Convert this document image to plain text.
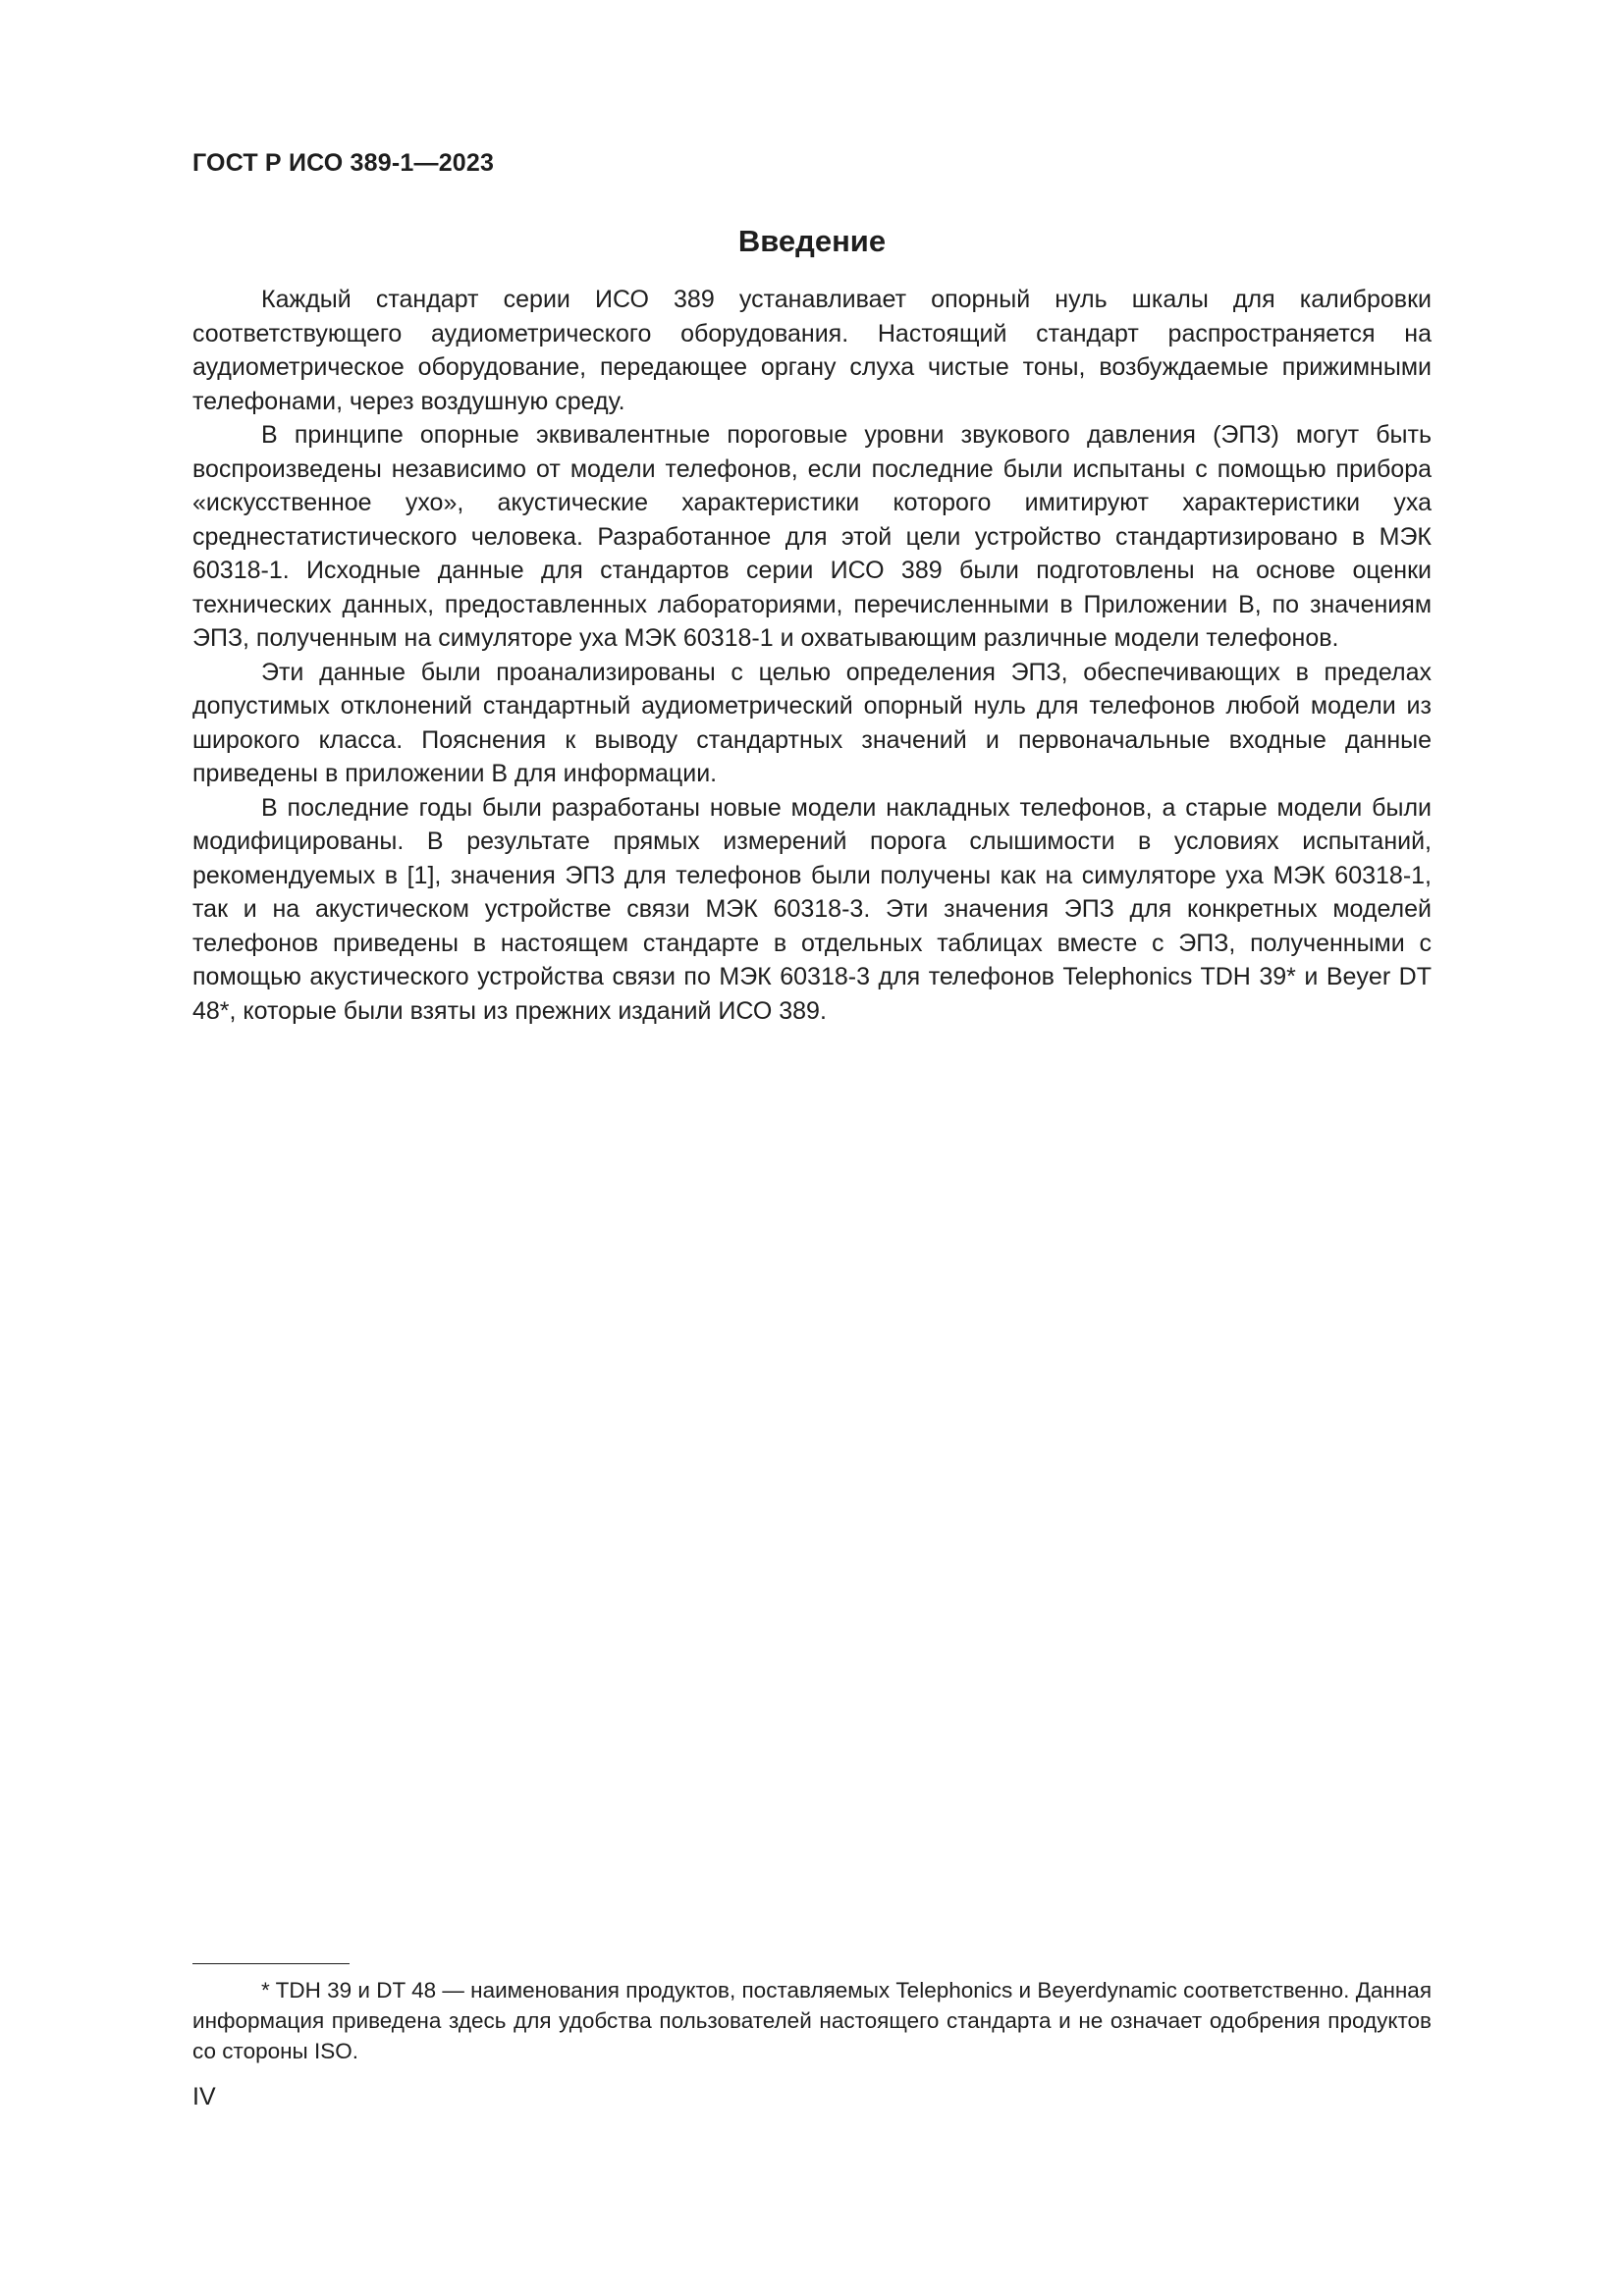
ГОСТ Р ИСО 389-1—2023
Введение

Каждый стандарт серии ИСО 389 устанавливает опорный нуль шкалы для калибровки соответствующего аудиометрического оборудования. Настоящий стандарт распространяется на аудиометрическое оборудование, передающее органу слуха чистые тоны, возбуждаемые прижимными телефонами, через воздушную среду.

В принципе опорные эквивалентные пороговые уровни звукового давления (ЭПЗ) могут быть воспроизведены независимо от модели телефонов, если последние были испытаны с помощью прибора «искусственное ухо», акустические характеристики которого имитируют характеристики уха среднестатистического человека. Разработанное для этой цели устройство стандартизировано в МЭК 60318-1. Исходные данные для стандартов серии ИСО 389 были подготовлены на основе оценки технических данных, предоставленных лабораториями, перечисленными в Приложении В, по значениям ЭПЗ, полученным на симуляторе уха МЭК 60318-1 и охватывающим различные модели телефонов.

Эти данные были проанализированы с целью определения ЭПЗ, обеспечивающих в пределах допустимых отклонений стандартный аудиометрический опорный нуль для телефонов любой модели из широкого класса. Пояснения к выводу стандартных значений и первоначальные входные данные приведены в приложении В для информации.

В последние годы были разработаны новые модели накладных телефонов, а старые модели были модифицированы. В результате прямых измерений порога слышимости в условиях испытаний, рекомендуемых в [1], значения ЭПЗ для телефонов были получены как на симуляторе уха МЭК 60318-1, так и на акустическом устройстве связи МЭК 60318-3. Эти значения ЭПЗ для конкретных моделей телефонов приведены в настоящем стандарте в отдельных таблицах вместе с ЭПЗ, полученными с помощью акустического устройства связи по МЭК 60318-3 для телефонов Telephonics TDH 39* и Beyer DT 48*, которые были взяты из прежних изданий ИСО 389.

* TDH 39 и DT 48 — наименования продуктов, поставляемых Telephonics и Beyerdynamic соответственно. Данная информация приведена здесь для удобства пользователей настоящего стандарта и не означает одобрения продуктов со стороны ISO.
IV
